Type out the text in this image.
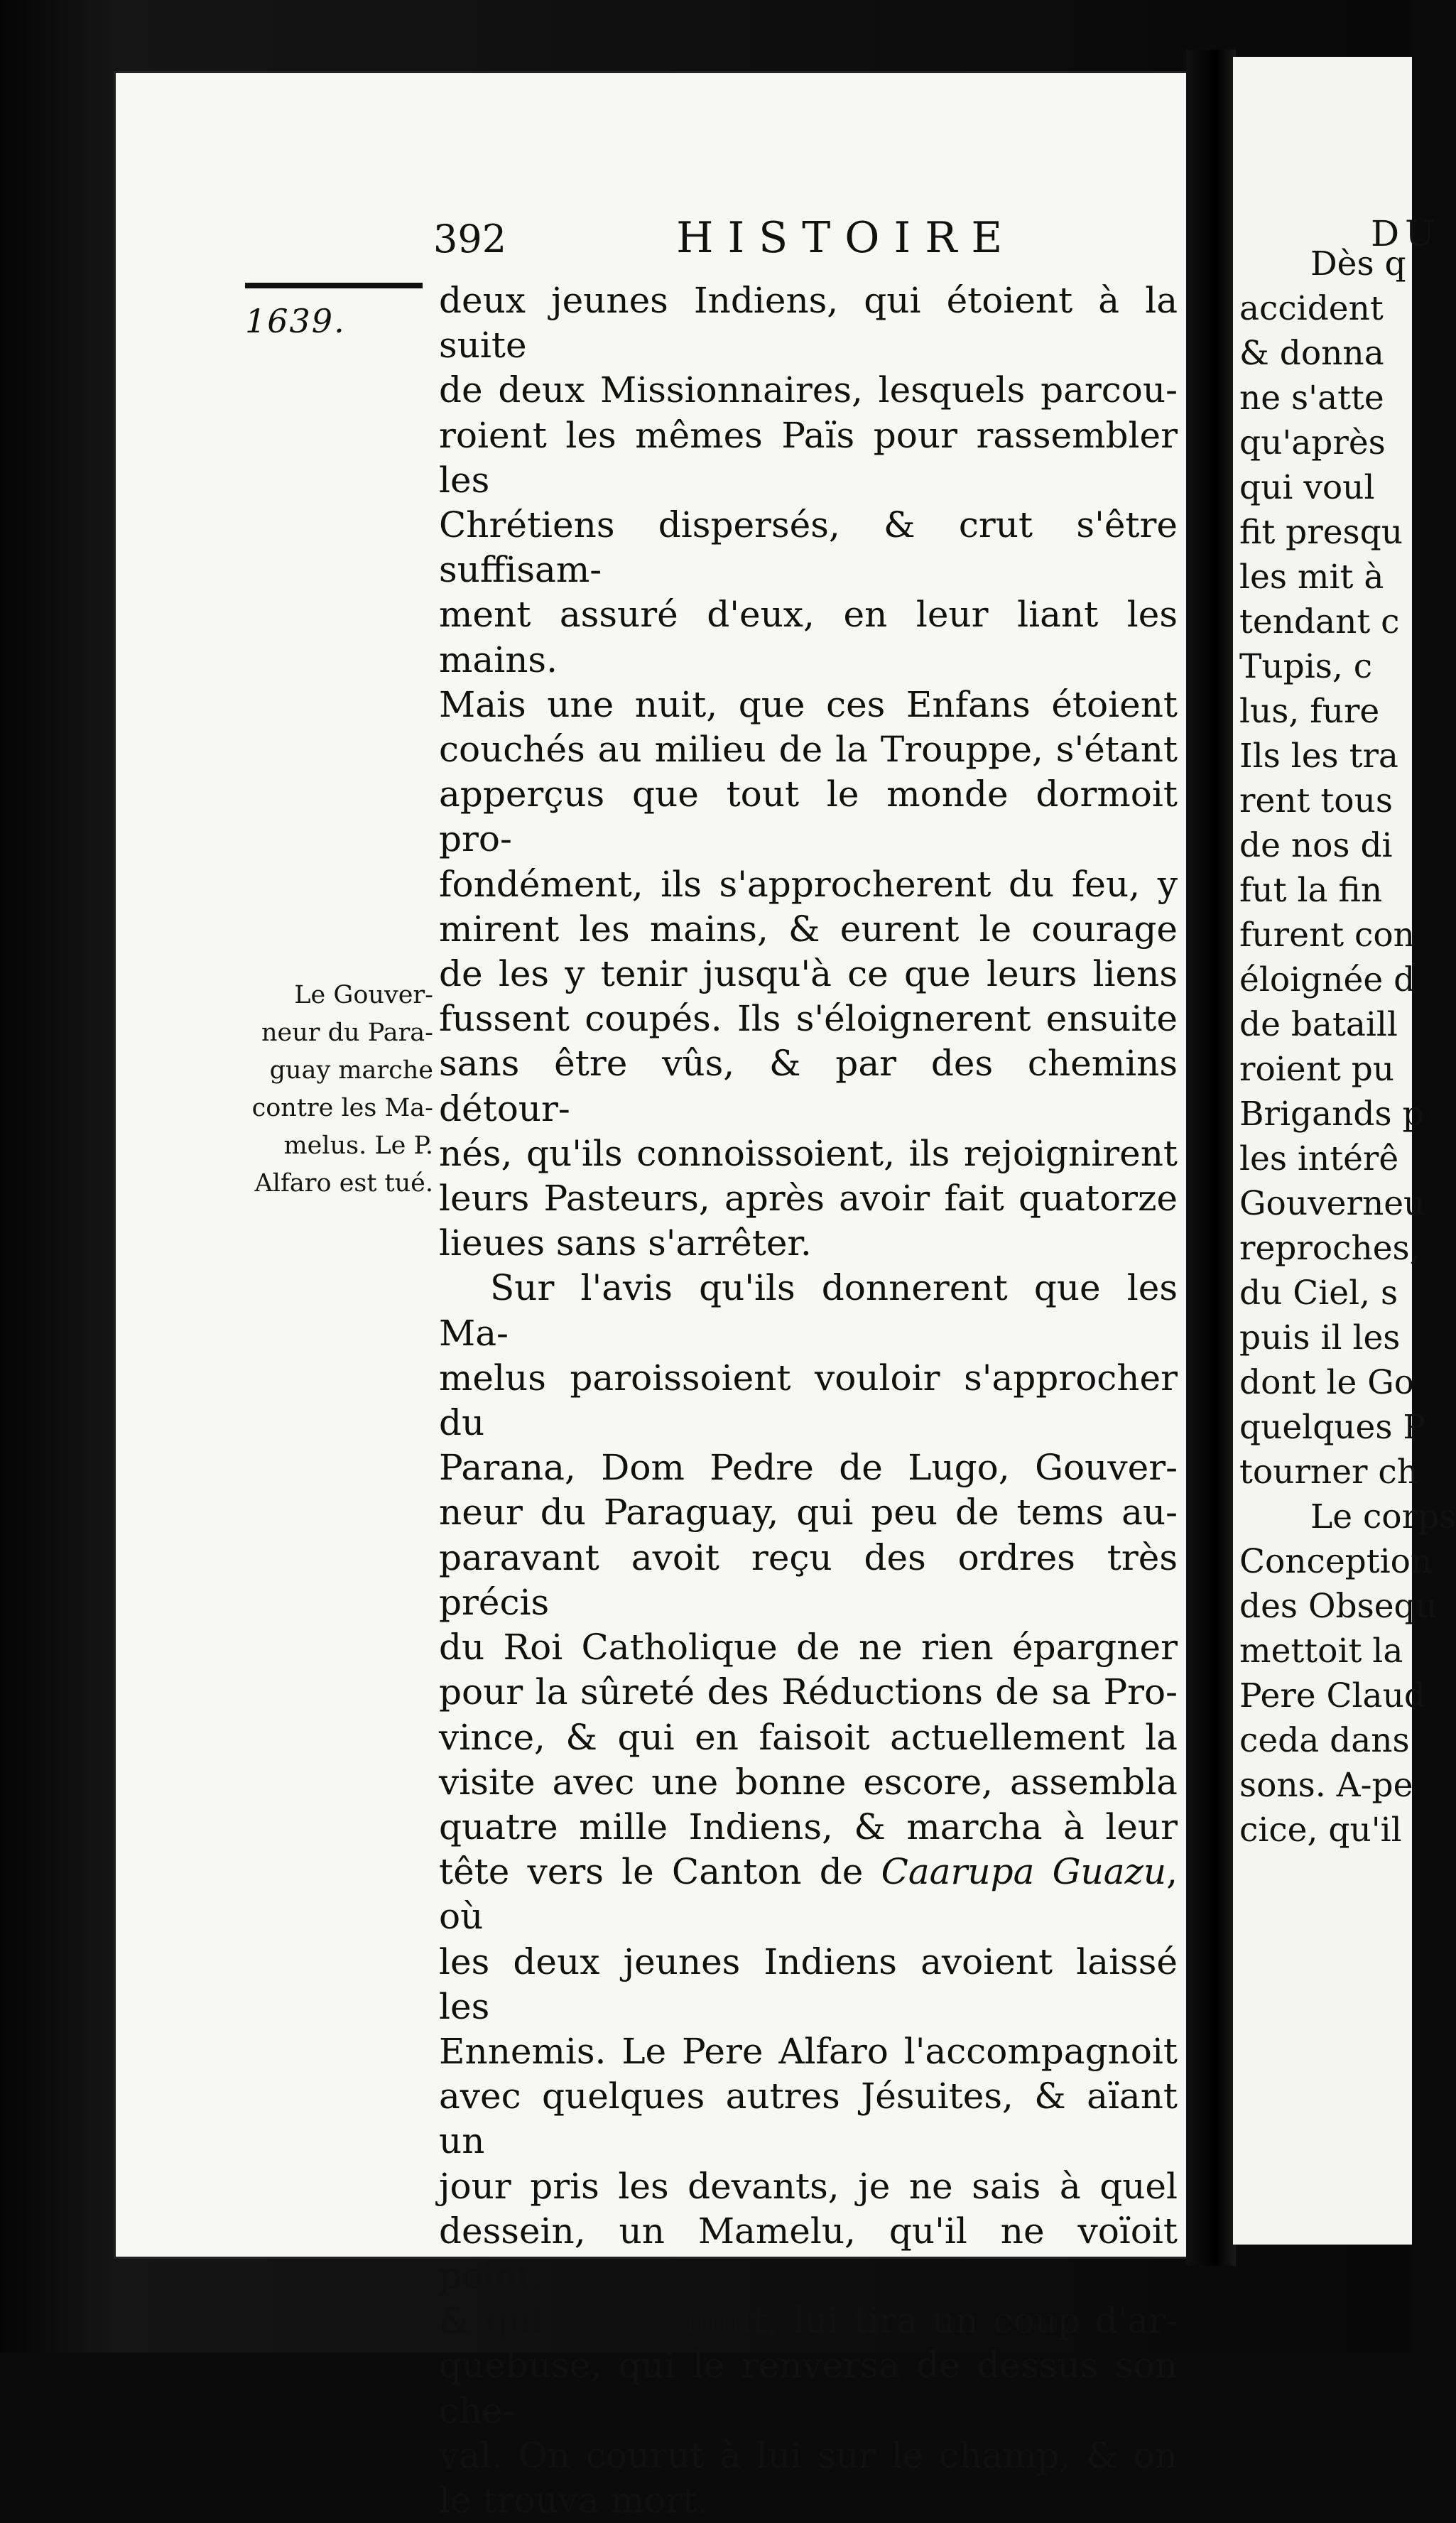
392	HISTOIRE
1639.
Le Gouver-
neur du Para-
guay marche
contre les Ma-
melus. Le P.
Alfaro est tué.

deux jeunes Indiens, qui étoient à la suite

de deux Missionnaires, lesquels parcou-

roient les mêmes Païs pour rassembler les

Chrétiens dispersés, & crut s'être suffisam-

ment assuré d'eux, en leur liant les mains.

Mais une nuit, que ces Enfans étoient

couchés au milieu de la Trouppe, s'étant

apperçus que tout le monde dormoit pro-

fondément, ils s'approcherent du feu, y

mirent les mains, & eurent le courage

de les y tenir jusqu'à ce que leurs liens

fussent coupés. Ils s'éloignerent ensuite

sans être vûs, & par des chemins détour-

nés, qu'ils connoissoient, ils rejoignirent

leurs Pasteurs, après avoir fait quatorze

lieues sans s'arrêter.

Sur l'avis qu'ils donnerent que les Ma-

melus paroissoient vouloir s'approcher du

Parana, Dom Pedre de Lugo, Gouver-

neur du Paraguay, qui peu de tems au-

paravant avoit reçu des ordres très précis

du Roi Catholique de ne rien épargner

pour la sûreté des Réductions de sa Pro-

vince, & qui en faisoit actuellement la

visite avec une bonne escore, assembla

quatre mille Indiens, & marcha à leur

tête vers le Canton de Caarupa Guazu, où

les deux jeunes Indiens avoient laissé les

Ennemis. Le Pere Alfaro l'accompagnoit

avec quelques autres Jésuites, & aïant un

jour pris les devants, je ne sais à quel

dessein, un Mamelu, qu'il ne voïoit point,

& qui le reconnut, lui tira un coup d'ar-

quebuse, qui le renversa de dessus son che-

val. On courut à lui sur le champ, & on

le trouva mort.

DU

Dès q

accident

& donna

ne s'atte

qu'après

qui voul

fit presqu

les mit à

tendant c

Tupis, c

lus, fure

Ils les tra

rent tous

de nos di

fut la fin

furent con

éloignée d

de bataill

roient pu

Brigands p

les intérê

Gouverneu

reproches,

du Ciel, s

puis il les

dont le Go

quelques P

tourner ch

Le corps

Conception

des Obsequ

mettoit la

Pere Claud

ceda dans

sons. A-pe

cice, qu'il
